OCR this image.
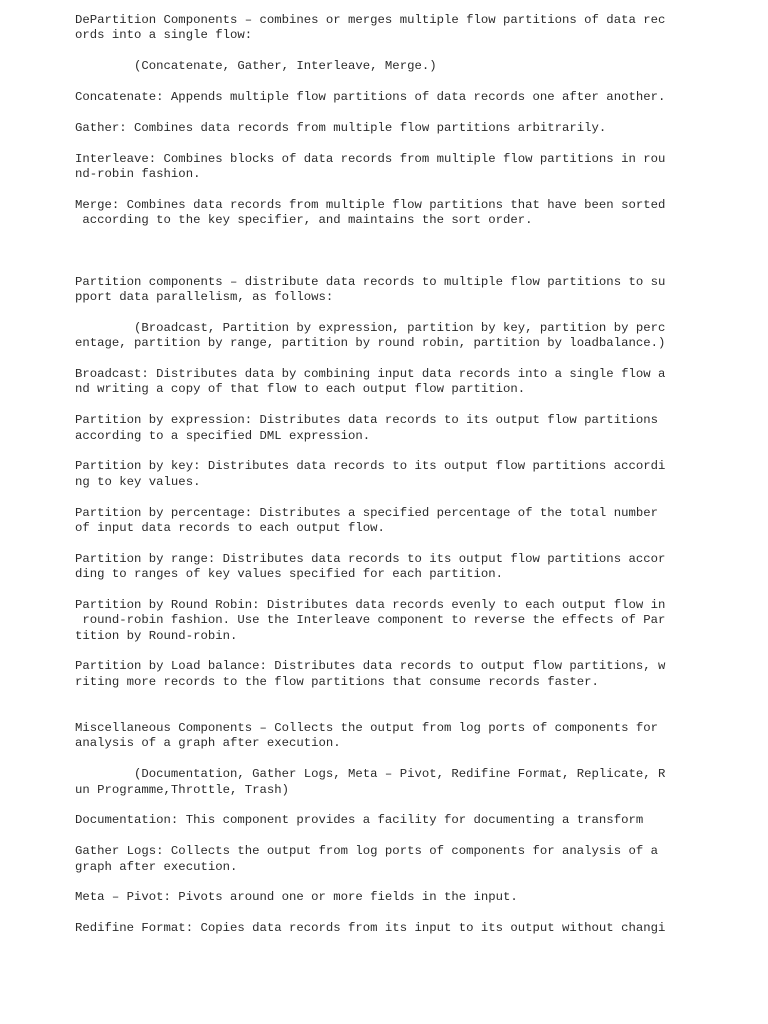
DePartition Components – combines or merges multiple flow partitions of data rec
ords into a single flow:
(Concatenate, Gather, Interleave, Merge.)
Concatenate: Appends multiple flow partitions of data records one after another.
Gather: Combines data records from multiple flow partitions arbitrarily.
Interleave: Combines blocks of data records from multiple flow partitions in rou
nd-robin fashion.
Merge: Combines data records from multiple flow partitions that have been sorted
according to the key specifier, and maintains the sort order.
Partition components – distribute data records to multiple flow partitions to su
pport data parallelism, as follows:
(Broadcast, Partition by expression, partition by key, partition by perc
entage, partition by range, partition by round robin, partition by loadbalance.)
Broadcast: Distributes data by combining input data records into a single flow a
nd writing a copy of that flow to each output flow partition.
Partition by expression: Distributes data records to its output flow partitions
according to a specified DML expression.
Partition by key: Distributes data records to its output flow partitions accordi
ng to key values.
Partition by percentage: Distributes a specified percentage of the total number
of input data records to each output flow.
Partition by range: Distributes data records to its output flow partitions accor
ding to ranges of key values specified for each partition.
Partition by Round Robin: Distributes data records evenly to each output flow in
round-robin fashion. Use the Interleave component to reverse the effects of Par
tition by Round-robin.
Partition by Load balance: Distributes data records to output flow partitions, w
riting more records to the flow partitions that consume records faster.
Miscellaneous Components – Collects the output from log ports of components for
analysis of a graph after execution.
(Documentation, Gather Logs, Meta – Pivot, Redifine Format, Replicate, R
un Programme,Throttle, Trash)
Documentation: This component provides a facility for documenting a transform
Gather Logs: Collects the output from log ports of components for analysis of a
graph after execution.
Meta – Pivot: Pivots around one or more fields in the input.
Redifine Format: Copies data records from its input to its output without changi
